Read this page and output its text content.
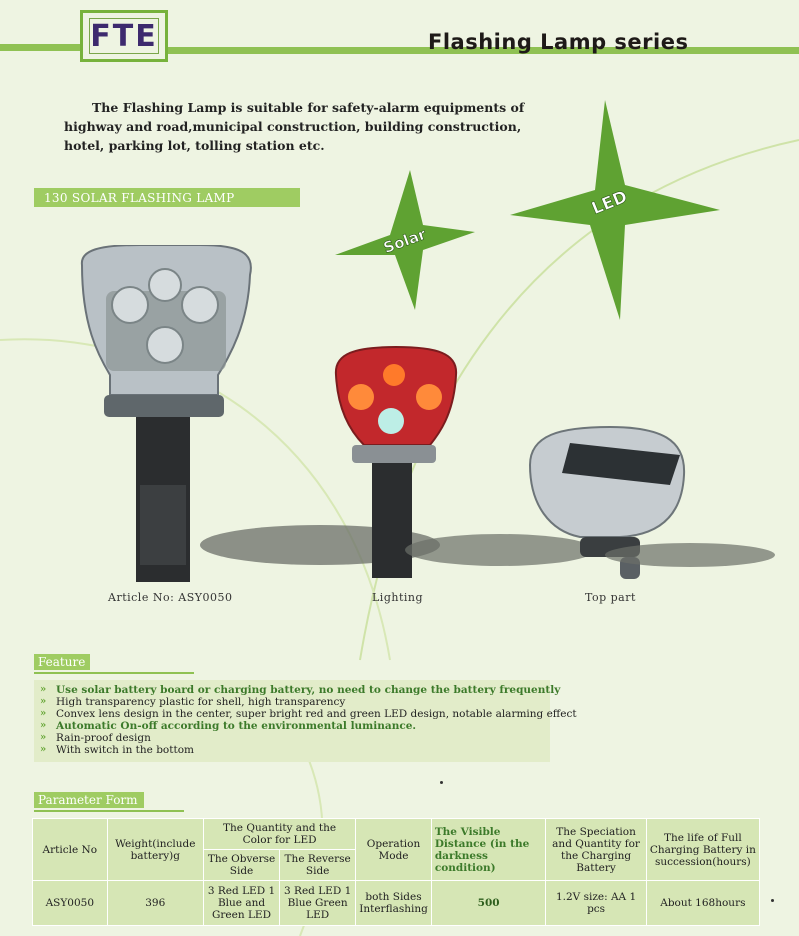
FTE	Flashing Lamp series
The Flashing Lamp is suitable for safety-alarm equipments of highway and road,municipal construction, building construction, hotel, parking lot, tolling station etc.
130 SOLAR FLASHING LAMP
Solar
LED
Article No: ASY0050	Lighting	Top part
Feature
» Use solar battery board or charging battery, no need to change the battery frequently
» High transparency plastic for shell, high transparency
» Convex lens design in the center, super bright red and green LED design, notable alarming effect
» Automatic On-off according to the environmental luminance.
» Rain-proof design
» With switch in the bottom
Parameter Form
Article No	Weight(include battery)g	The Quantity and the Color for LED		Operation Mode	The Visible Distance (in the darkness condition)	The Speciation and Quantity for the Charging Battery	The life of Full Charging Battery in succession(hours)
		The Obverse Side	The Reverse Side				
ASY0050	396	3 Red LED 1 Blue and Green LED	3 Red LED 1 Blue Green LED	both Sides Interflashing	500	1.2V size: AA 1 pcs	About 168hours
